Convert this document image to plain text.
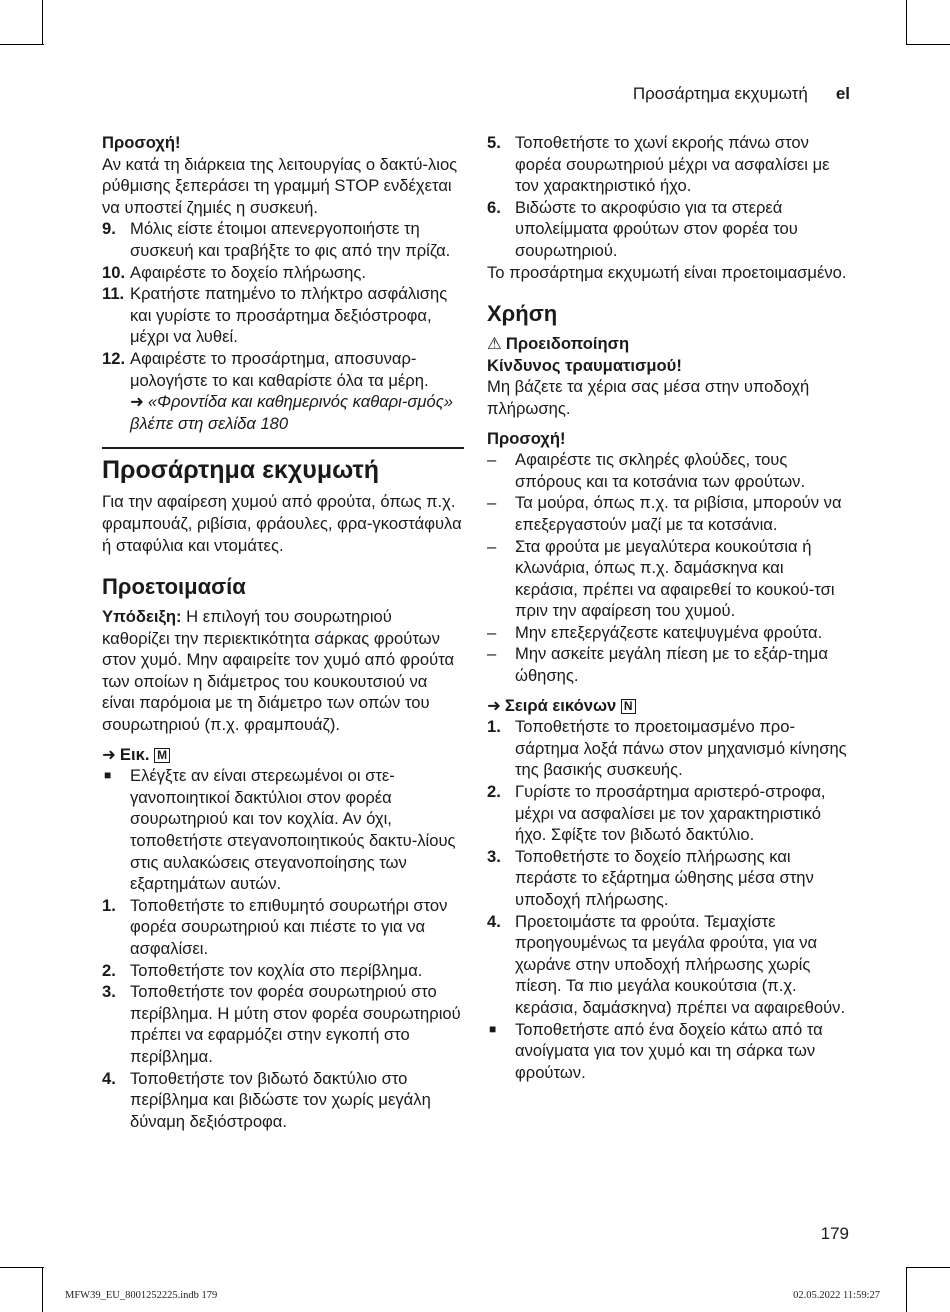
Προσάρτημα εκχυμωτή el

Προσοχή!

Αν κατά τη διάρκεια της λειτουργίας ο δακτύ-λιος ρύθμισης ξεπεράσει τη γραμμή STOP ενδέχεται να υποστεί ζημιές η συσκευή.

9. Μόλις είστε έτοιμοι απενεργοποιήστε τη συσκευή και τραβήξτε το φις από την πρίζα.
10. Αφαιρέστε το δοχείο πλήρωσης.
11. Κρατήστε πατημένο το πλήκτρο ασφάλισης και γυρίστε το προσάρτημα δεξιόστροφα, μέχρι να λυθεί.
12. Αφαιρέστε το προσάρτημα, αποσυναρ-μολογήστε το και καθαρίστε όλα τα μέρη.
➜ «Φροντίδα και καθημερινός καθαρι-σμός» βλέπε στη σελίδα 180
Προσάρτημα εκχυμωτή

Για την αφαίρεση χυμού από φρούτα, όπως π.χ. φραμπουάζ, ριβίσια, φράουλες, φρα-γκοστάφυλα ή σταφύλια και ντομάτες.

Προετοιμασία

Υπόδειξη: Η επιλογή του σουρωτηριού καθορίζει την περιεκτικότητα σάρκας φρούτων στον χυμό. Μην αφαιρείτε τον χυμό από φρούτα των οποίων η διάμετρος του κουκουτσιού να είναι παρόμοια με τη διάμετρο των οπών του σουρωτηριού (π.χ. φραμπουάζ).

➜ Εικ. M

■ Ελέγξτε αν είναι στερεωμένοι οι στε-γανοποιητικοί δακτύλιοι στον φορέα σουρωτηριού και τον κοχλία. Αν όχι, τοποθετήστε στεγανοποιητικούς δακτυ-λίους στις αυλακώσεις στεγανοποίησης των εξαρτημάτων αυτών.
1. Τοποθετήστε το επιθυμητό σουρωτήρι στον φορέα σουρωτηριού και πιέστε το για να ασφαλίσει.
2. Τοποθετήστε τον κοχλία στο περίβλημα.
3. Τοποθετήστε τον φορέα σουρωτηριού στο περίβλημα. Η μύτη στον φορέα σουρωτηριού πρέπει να εφαρμόζει στην εγκοπή στο περίβλημα.
4. Τοποθετήστε τον βιδωτό δακτύλιο στο περίβλημα και βιδώστε τον χωρίς μεγάλη δύναμη δεξιόστροφα.
5. Τοποθετήστε το χωνί εκροής πάνω στον φορέα σουρωτηριού μέχρι να ασφαλίσει με τον χαρακτηριστικό ήχο.
6. Βιδώστε το ακροφύσιο για τα στερεά υπολείμματα φρούτων στον φορέα του σουρωτηριού.

Το προσάρτημα εκχυμωτή είναι προετοιμασμένο.

Χρήση

⚠ Προειδοποίηση

Κίνδυνος τραυματισμού!

Μη βάζετε τα χέρια σας μέσα στην υποδοχή πλήρωσης.

Προσοχή!

– Αφαιρέστε τις σκληρές φλούδες, τους σπόρους και τα κοτσάνια των φρούτων.
– Τα μούρα, όπως π.χ. τα ριβίσια, μπορούν να επεξεργαστούν μαζί με τα κοτσάνια.
– Στα φρούτα με μεγαλύτερα κουκούτσια ή κλωνάρια, όπως π.χ. δαμάσκηνα και κεράσια, πρέπει να αφαιρεθεί το κουκού-τσι πριν την αφαίρεση του χυμού.
– Μην επεξεργάζεστε κατεψυγμένα φρούτα.
– Μην ασκείτε μεγάλη πίεση με το εξάρ-τημα ώθησης.

➜ Σειρά εικόνων N

1. Τοποθετήστε το προετοιμασμένο προ-σάρτημα λοξά πάνω στον μηχανισμό κίνησης της βασικής συσκευής.
2. Γυρίστε το προσάρτημα αριστερό-στροφα, μέχρι να ασφαλίσει με τον χαρακτηριστικό ήχο. Σφίξτε τον βιδωτό δακτύλιο.
3. Τοποθετήστε το δοχείο πλήρωσης και περάστε το εξάρτημα ώθησης μέσα στην υποδοχή πλήρωσης.
4. Προετοιμάστε τα φρούτα. Τεμαχίστε προηγουμένως τα μεγάλα φρούτα, για να χωράνε στην υποδοχή πλήρωσης χωρίς πίεση. Τα πιο μεγάλα κουκούτσια (π.χ. κεράσια, δαμάσκηνα) πρέπει να αφαιρεθούν.
■ Τοποθετήστε από ένα δοχείο κάτω από τα ανοίγματα για τον χυμό και τη σάρκα των φρούτων.
179
MFW39_EU_8001252225.indb 179	02.05.2022 11:59:27
